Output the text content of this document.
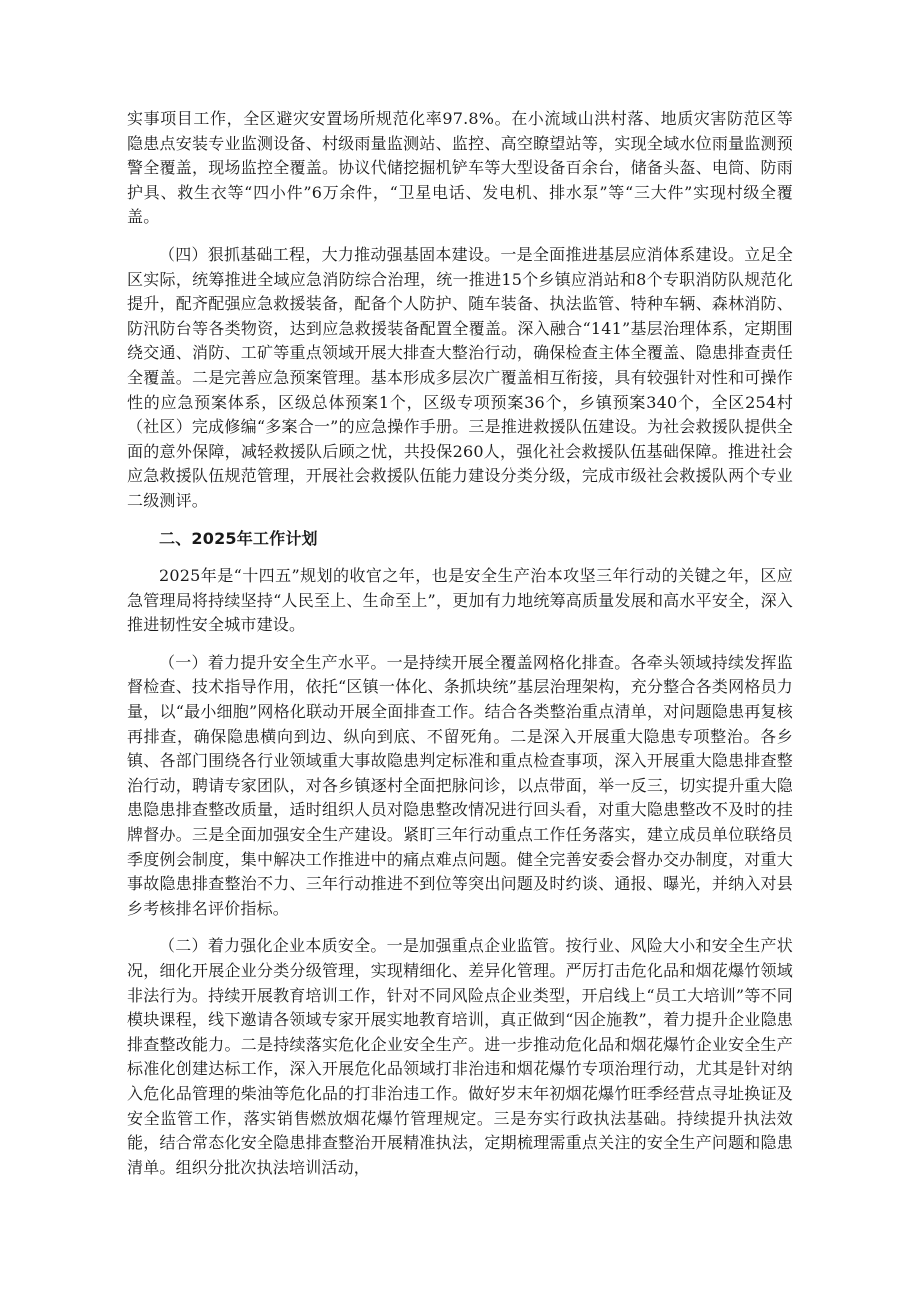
实事项目工作，全区避灾安置场所规范化率97.8%。在小流域山洪村落、地质灾害防范区等隐患点安装专业监测设备、村级雨量监测站、监控、高空瞭望站等，实现全域水位雨量监测预警全覆盖，现场监控全覆盖。协议代储挖掘机铲车等大型设备百余台，储备头盔、电筒、防雨护具、救生衣等“四小件”6万余件，“卫星电话、发电机、排水泵”等“三大件”实现村级全覆盖。

（四）狠抓基础工程，大力推动强基固本建设。一是全面推进基层应消体系建设。立足全区实际，统筹推进全域应急消防综合治理，统一推进15个乡镇应消站和8个专职消防队规范化提升，配齐配强应急救援装备，配备个人防护、随车装备、执法监管、特种车辆、森林消防、防汛防台等各类物资，达到应急救援装备配置全覆盖。深入融合“141”基层治理体系，定期围绕交通、消防、工矿等重点领域开展大排查大整治行动，确保检查主体全覆盖、隐患排查责任全覆盖。二是完善应急预案管理。基本形成多层次广覆盖相互衔接，具有较强针对性和可操作性的应急预案体系，区级总体预案1个，区级专项预案36个，乡镇预案340个，全区254村（社区）完成修编“多案合一”的应急操作手册。三是推进救援队伍建设。为社会救援队提供全面的意外保障，减轻救援队后顾之忧，共投保260人，强化社会救援队伍基础保障。推进社会应急救援队伍规范管理，开展社会救援队伍能力建设分类分级，完成市级社会救援队两个专业二级测评。

二、2025年工作计划

2025年是“十四五”规划的收官之年，也是安全生产治本攻坚三年行动的关键之年，区应急管理局将持续坚持“人民至上、生命至上”，更加有力地统筹高质量发展和高水平安全，深入推进韧性安全城市建设。

（一）着力提升安全生产水平。一是持续开展全覆盖网格化排查。各牵头领域持续发挥监督检查、技术指导作用，依托“区镇一体化、条抓块统”基层治理架构，充分整合各类网格员力量，以“最小细胞”网格化联动开展全面排查工作。结合各类整治重点清单，对问题隐患再复核再排查，确保隐患横向到边、纵向到底、不留死角。二是深入开展重大隐患专项整治。各乡镇、各部门围绕各行业领域重大事故隐患判定标准和重点检查事项，深入开展重大隐患排查整治行动，聘请专家团队，对各乡镇逐村全面把脉问诊，以点带面，举一反三，切实提升重大隐患隐患排查整改质量，适时组织人员对隐患整改情况进行回头看，对重大隐患整改不及时的挂牌督办。三是全面加强安全生产建设。紧盯三年行动重点工作任务落实，建立成员单位联络员季度例会制度，集中解决工作推进中的痛点难点问题。健全完善安委会督办交办制度，对重大事故隐患排查整治不力、三年行动推进不到位等突出问题及时约谈、通报、曝光，并纳入对县乡考核排名评价指标。

（二）着力强化企业本质安全。一是加强重点企业监管。按行业、风险大小和安全生产状况，细化开展企业分类分级管理，实现精细化、差异化管理。严厉打击危化品和烟花爆竹领域非法行为。持续开展教育培训工作，针对不同风险点企业类型，开启线上“员工大培训”等不同模块课程，线下邀请各领域专家开展实地教育培训，真正做到“因企施教”，着力提升企业隐患排查整改能力。二是持续落实危化企业安全生产。进一步推动危化品和烟花爆竹企业安全生产标准化创建达标工作，深入开展危化品领域打非治违和烟花爆竹专项治理行动，尤其是针对纳入危化品管理的柴油等危化品的打非治违工作。做好岁末年初烟花爆竹旺季经营点寻址换证及安全监管工作，落实销售燃放烟花爆竹管理规定。三是夯实行政执法基础。持续提升执法效能，结合常态化安全隐患排查整治开展精准执法，定期梳理需重点关注的安全生产问题和隐患清单。组织分批次执法培训活动，
